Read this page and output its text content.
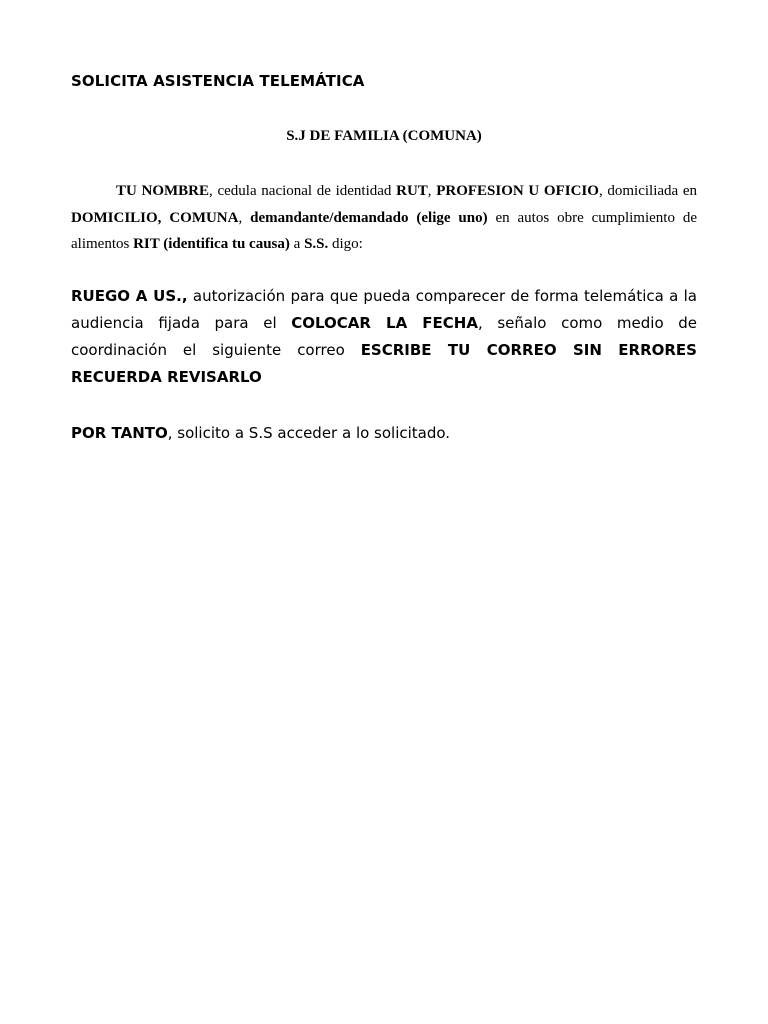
SOLICITA ASISTENCIA TELEMÁTICA
S.J DE FAMILIA (COMUNA)

TU NOMBRE, cedula nacional de identidad RUT, PROFESION U OFICIO, domiciliada en DOMICILIO, COMUNA, demandante/demandado (elige uno) en autos obre cumplimiento de alimentos RIT (identifica tu causa) a S.S. digo:

RUEGO A US., autorización para que pueda comparecer de forma telemática a la audiencia fijada para el COLOCAR LA FECHA, señalo como medio de coordinación el siguiente correo ESCRIBE TU CORREO SIN ERRORES RECUERDA REVISARLO

POR TANTO, solicito a S.S acceder a lo solicitado.
